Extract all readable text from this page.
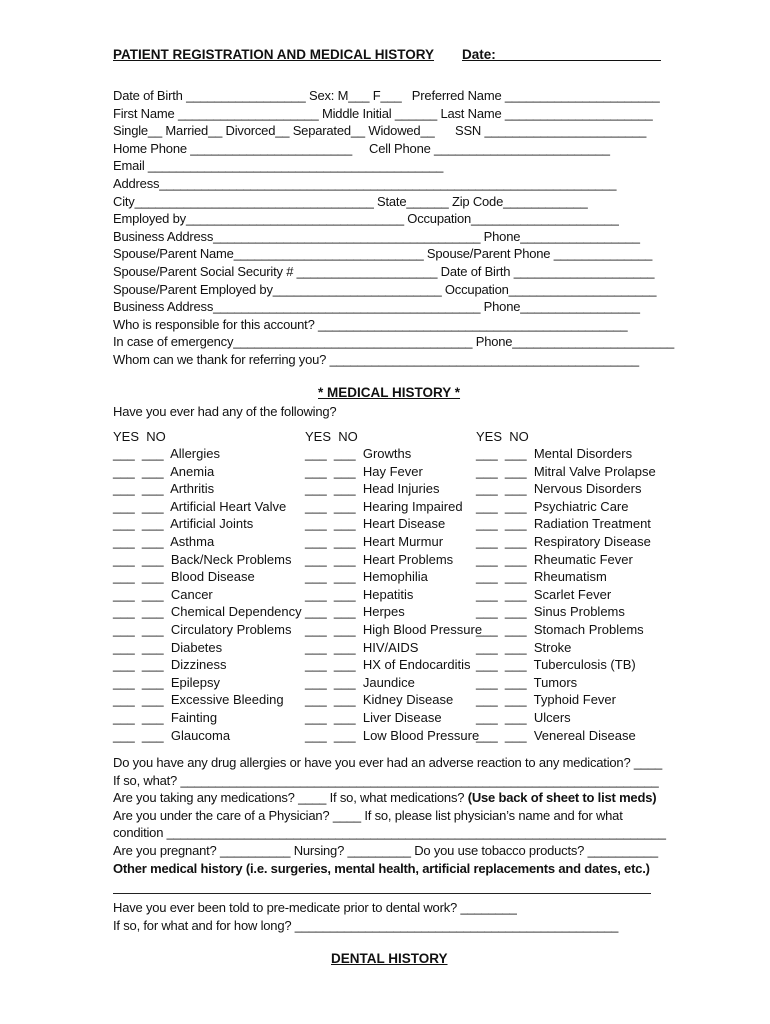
PATIENT REGISTRATION AND MEDICAL HISTORY Date:______________________
Date of Birth _________________ Sex: M___ F___   Preferred Name ______________________
First Name ____________________ Middle Initial ______ Last Name _____________________
Single__ Married__ Divorced__ Separated__ Widowed__      SSN _______________________
Home Phone _______________________     Cell Phone _________________________
Email __________________________________________
Address_________________________________________________________________
City__________________________________ State______ Zip Code____________
Employed by_______________________________ Occupation_____________________
Business Address______________________________________ Phone_________________
Spouse/Parent Name___________________________ Spouse/Parent Phone ______________
Spouse/Parent Social Security # ____________________ Date of Birth ____________________
Spouse/Parent Employed by________________________ Occupation_____________________
Business Address______________________________________ Phone_________________
Who is responsible for this account? ____________________________________________
In case of emergency__________________________________ Phone_______________________
Whom can we thank for referring you? ____________________________________________
* MEDICAL HISTORY *
Have you ever had any of the following?
YES NO
___  ___ Allergies
___  ___ Anemia
___  ___ Arthritis
___  ___ Artificial Heart Valve
___  ___ Artificial Joints
___  ___ Asthma
___  ___ Back/Neck Problems
___  ___ Blood Disease
___  ___ Cancer
___  ___ Chemical Dependency
___  ___ Circulatory Problems
___  ___ Diabetes
___  ___ Dizziness
___  ___ Epilepsy
___  ___ Excessive Bleeding
___  ___ Fainting
___  ___ Glaucoma
YES NO
___  ___ Growths
___  ___ Hay Fever
___  ___ Head Injuries
___  ___ Hearing Impaired
___  ___ Heart Disease
___  ___ Heart Murmur
___  ___ Heart Problems
___  ___ Hemophilia
___  ___ Hepatitis
___  ___ Herpes
___  ___ High Blood Pressure
___  ___ HIV/AIDS
___  ___ HX of Endocarditis
___  ___ Jaundice
___  ___ Kidney Disease
___  ___ Liver Disease
___  ___ Low Blood Pressure
YES NO
___  ___ Mental Disorders
___  ___ Mitral Valve Prolapse
___  ___ Nervous Disorders
___  ___ Psychiatric Care
___  ___ Radiation Treatment
___  ___ Respiratory Disease
___  ___ Rheumatic Fever
___  ___ Rheumatism
___  ___ Scarlet Fever
___  ___ Sinus Problems
___  ___ Stomach Problems
___  ___ Stroke
___  ___ Tuberculosis (TB)
___  ___ Tumors
___  ___ Typhoid Fever
___  ___ Ulcers
___  ___ Venereal Disease
Do you have any drug allergies or have you ever had an adverse reaction to any medication? ____
If so, what? ____________________________________________________________________
Are you taking any medications? ____ If so, what medications? (Use back of sheet to list meds)
Are you under the care of a Physician? ____ If so, please list physician’s name and for what
condition _______________________________________________________________________
Are you pregnant? __________ Nursing? _________ Do you use tobacco products? __________
Other medical history (i.e. surgeries, mental health, artificial replacements and dates, etc.)
Have you ever been told to pre-medicate prior to dental work? ________
If so, for what and for how long? ______________________________________________
DENTAL HISTORY
